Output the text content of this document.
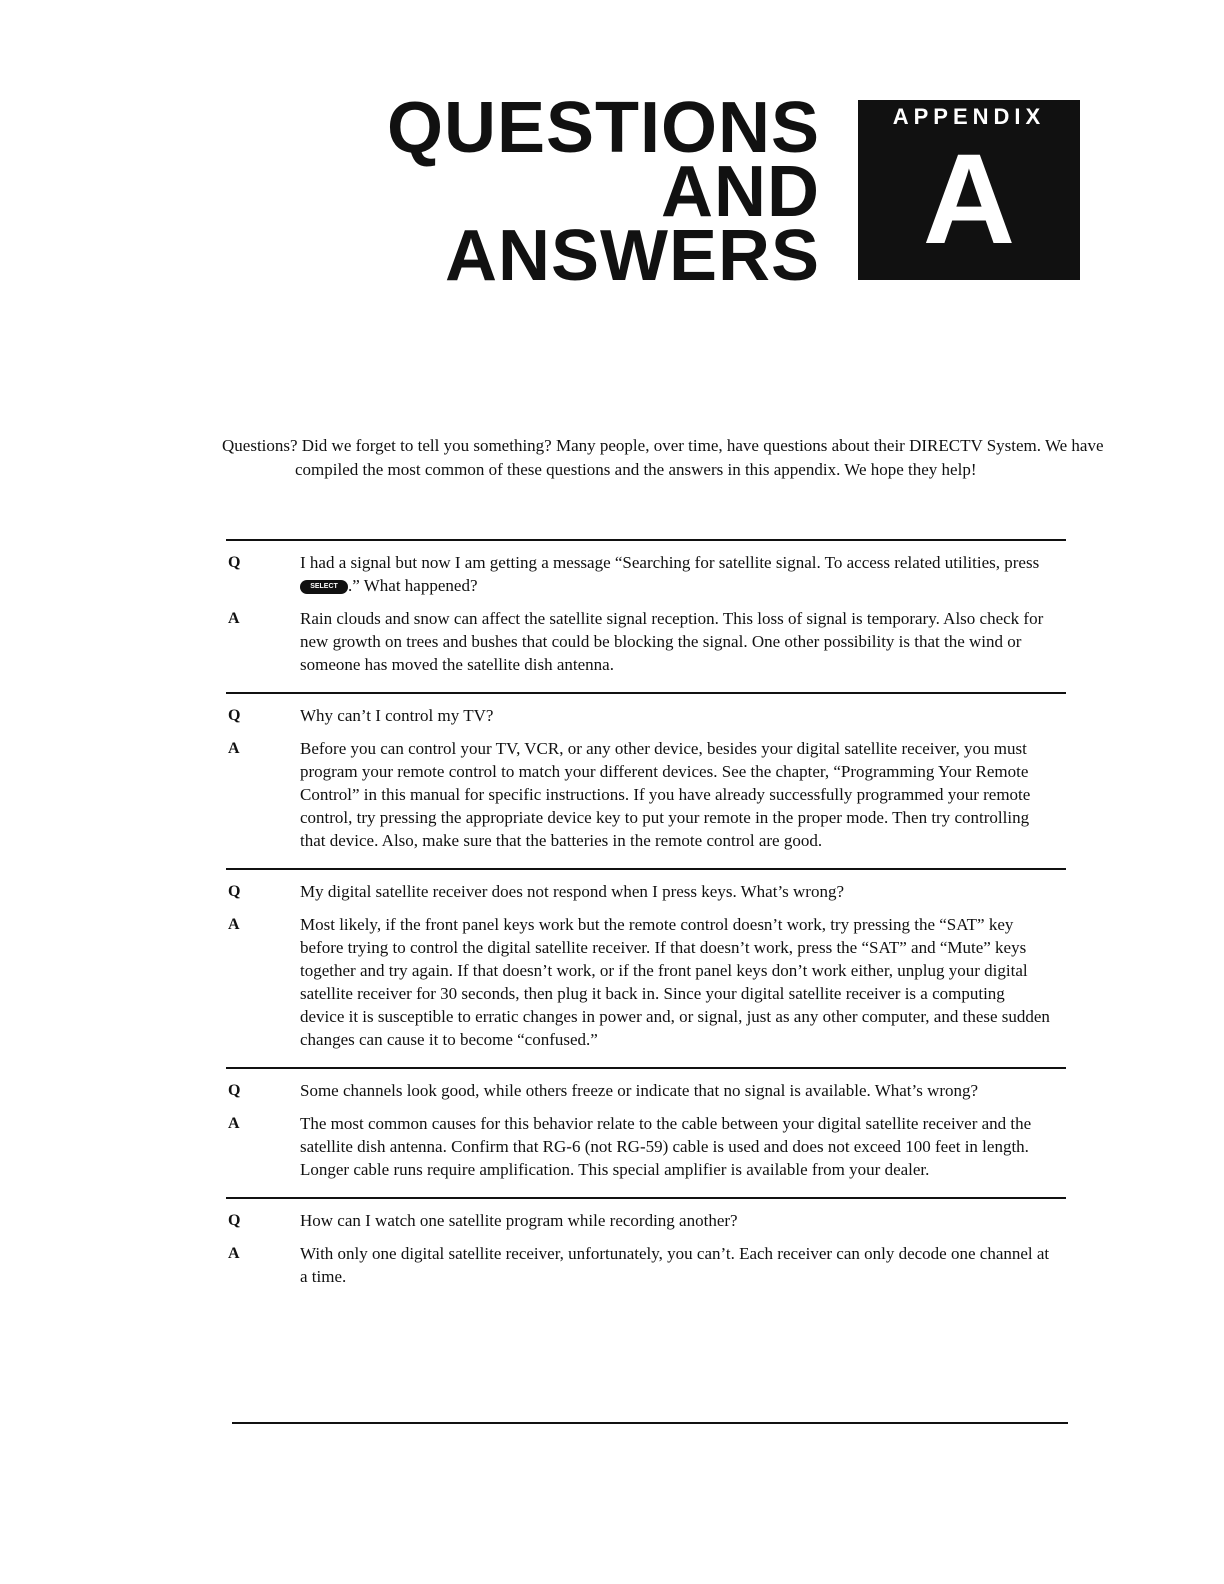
QUESTIONS
AND
ANSWERS
APPENDIX
A

Questions? Did we forget to tell you something? Many people, over time, have questions about their DIRECTV System. We have compiled the most common of these questions and the answers in this appendix. We hope they help!

Q	I had a signal but now I am getting a message “Searching for satellite signal. To access related utilities, press SELECT .” What happened?
A	Rain clouds and snow can affect the satellite signal reception. This loss of signal is temporary. Also check for new growth on trees and bushes that could be blocking the signal. One other possibility is that the wind or someone has moved the satellite dish antenna.
Q	Why can’t I control my TV?
A	Before you can control your TV, VCR, or any other device, besides your digital satellite receiver, you must program your remote control to match your different devices. See the chapter, “Programming Your Remote Control” in this manual for specific instructions. If you have already successfully programmed your remote control, try pressing the appropriate device key to put your remote in the proper mode. Then try controlling that device. Also, make sure that the batteries in the remote control are good.
Q	My digital satellite receiver does not respond when I press keys. What’s wrong?
A	Most likely, if the front panel keys work but the remote control doesn’t work, try pressing the “SAT” key before trying to control the digital satellite receiver. If that doesn’t work, press the “SAT” and “Mute” keys together and try again. If that doesn’t work, or if the front panel keys don’t work either, unplug your digital satellite receiver for 30 seconds, then plug it back in. Since your digital satellite receiver is a computing device it is susceptible to erratic changes in power and, or signal, just as any other computer, and these sudden changes can cause it to become “confused.”
Q	Some channels look good, while others freeze or indicate that no signal is available. What’s wrong?
A	The most common causes for this behavior relate to the cable between your digital satellite receiver and the satellite dish antenna. Confirm that RG-6 (not RG-59) cable is used and does not exceed 100 feet in length. Longer cable runs require amplification. This special amplifier is available from your dealer.
Q	How can I watch one satellite program while recording another?
A	With only one digital satellite receiver, unfortunately, you can’t. Each receiver can only decode one channel at a time.
